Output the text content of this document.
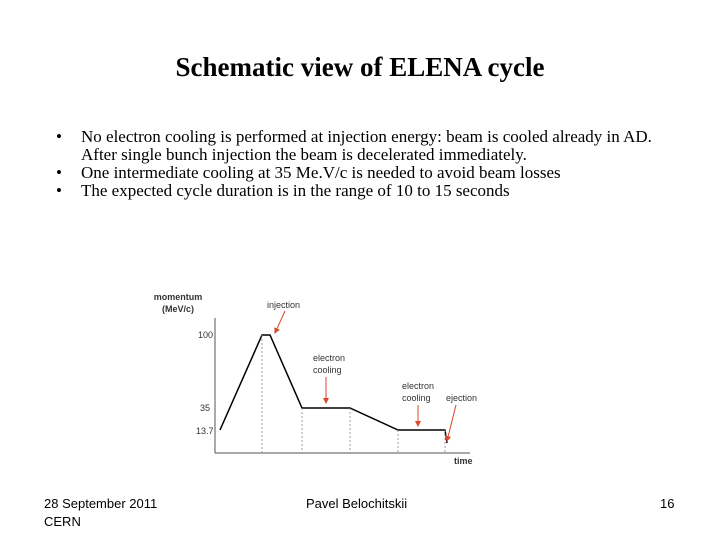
Schematic view of ELENA cycle
• No electron cooling is performed at injection energy: beam is cooled already in AD. After single bunch injection the beam is decelerated immediately.
• One intermediate cooling at 35 Me.V/c is needed to avoid beam losses
• The expected cycle duration is in the range of 10 to 15 seconds
momentum
(MeV/c)
100
35
13.7
time
injection
electron
cooling
electron
cooling ejection
28 September 2011
CERN
Pavel Belochitskii	16
